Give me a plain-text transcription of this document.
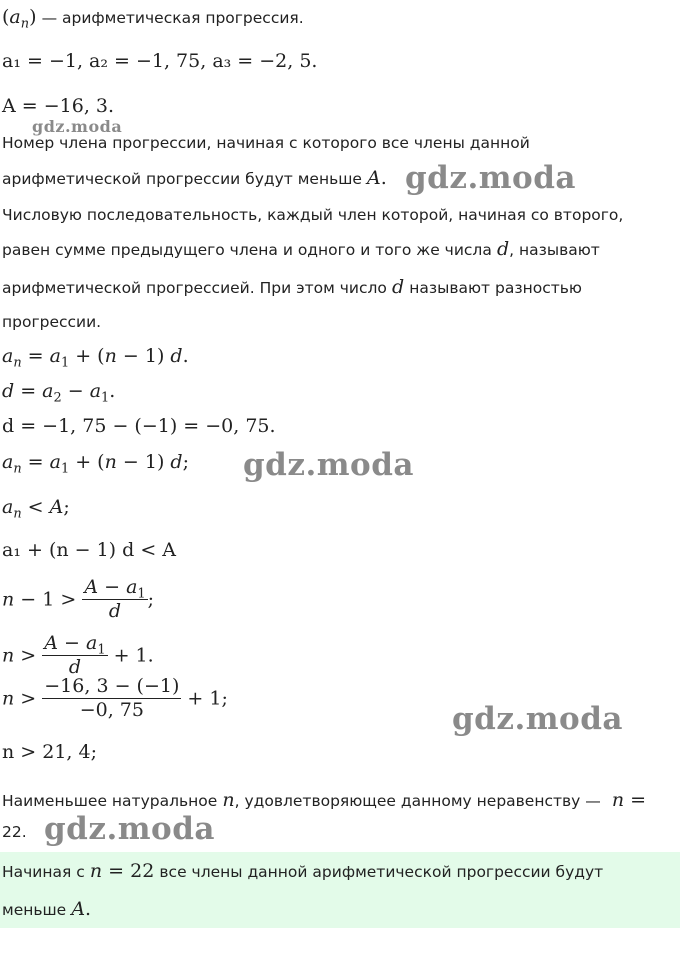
$(a_n)$ — арифметическая прогрессия.
a₁ = −1, a₂ = −1, 75, a₃ = −2, 5.
A = −16, 3.
Номер члена прогрессии, начиная с которого все члены данной
арифметической прогрессии будут меньше A.
Числовую последовательность, каждый член которой, начиная со второго,
равен сумме предыдущего члена и одного и того же числа d, называют
арифметической прогрессией. При этом число d называют разностью
прогрессии.
$a_n = a_1 + (n - 1)$ d.
$d = a_2 - a_1$.
d = −1, 75 − (−1) = −0, 75.
$a_n = a_1 + (n - 1)$ d;
$a_n < A$;
a₁ + (n − 1) d < A
$n - 1 > \frac{A - a_1}{d}$ ;
$n > \frac{A - a_1}{d} + 1$.
$n > \frac{-16, 3 - (-1)}{-0, 75} + 1$;
n > 21, 4;
Наименьшее натуральное n, удовлетворяющее данному неравенству — n =
22.
Начиная с n = 22 все члены данной арифметической прогрессии будут
меньше A.
gdz.moda
gdz.moda
gdz.moda
gdz.moda
gdz.moda
